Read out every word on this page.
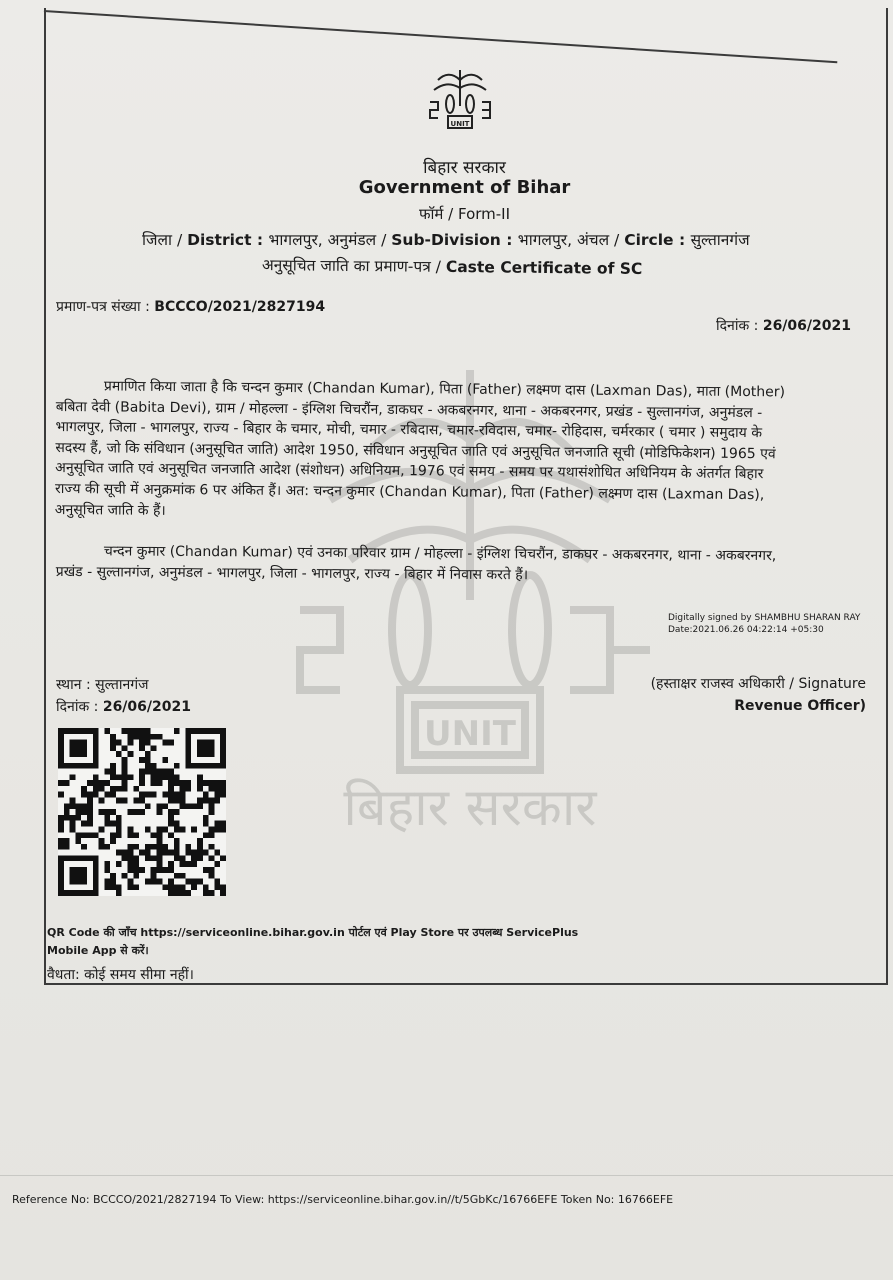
UNIT
बिहार सरकार
UNIT
बिहार सरकार
Government of Bihar
फॉर्म / Form-II
जिला / District : भागलपुर, अनुमंडल / Sub-Division : भागलपुर, अंचल / Circle : सुल्तानगंज
अनुसूचित जाति का प्रमाण-पत्र / Caste Certificate of SC
प्रमाण-पत्र संख्या : BCCCO/2021/2827194
दिनांक : 26/06/2021
प्रमाणित किया जाता है कि चन्दन कुमार (Chandan Kumar), पिता (Father) लक्ष्मण दास (Laxman Das), माता (Mother)
बबिता देवी (Babita Devi), ग्राम / मोहल्ला - इंग्लिश चिचरौंन, डाकघर - अकबरनगर, थाना - अकबरनगर, प्रखंड - सुल्तानगंज, अनुमंडल -
भागलपुर, जिला - भागलपुर, राज्य - बिहार के चमार, मोची, चमार - रबिदास, चमार-रविदास, चमार- रोहिदास, चर्मरकार ( चमार ) समुदाय के
सदस्य हैं, जो कि संविधान (अनुसूचित जाति) आदेश 1950, संविधान अनुसूचित जाति एवं अनुसूचित जनजाति सूची (मोडिफिकेशन) 1965 एवं
अनुसूचित जाति एवं अनुसूचित जनजाति आदेश (संशोधन) अधिनियम, 1976 एवं समय - समय पर यथासंशोधित अधिनियम के अंतर्गत बिहार
राज्य की सूची में अनुक्रमांक 6 पर अंकित हैं। अत: चन्दन कुमार (Chandan Kumar), पिता (Father) लक्ष्मण दास (Laxman Das),
अनुसूचित जाति के हैं।
चन्दन कुमार (Chandan Kumar) एवं उनका परिवार ग्राम / मोहल्ला - इंग्लिश चिचरौंन, डाकघर - अकबरनगर, थाना - अकबरनगर,
प्रखंड - सुल्तानगंज, अनुमंडल - भागलपुर, जिला - भागलपुर, राज्य - बिहार में निवास करते हैं।
Digitally signed by SHAMBHU SHARAN RAY
Date:2021.06.26 04:22:14 +05:30
स्थान : सुल्तानगंज
दिनांक : 26/06/2021
(हस्ताक्षर राजस्व अधिकारी / Signature
Revenue Officer)
QR Code की जाँच https://serviceonline.bihar.gov.in पोर्टल एवं Play Store पर उपलब्ध ServicePlus
Mobile App से करें।
वैधता: कोई समय सीमा नहीं।
Reference No: BCCCO/2021/2827194 To View: https://serviceonline.bihar.gov.in//t/5GbKc/16766EFE Token No: 16766EFE
